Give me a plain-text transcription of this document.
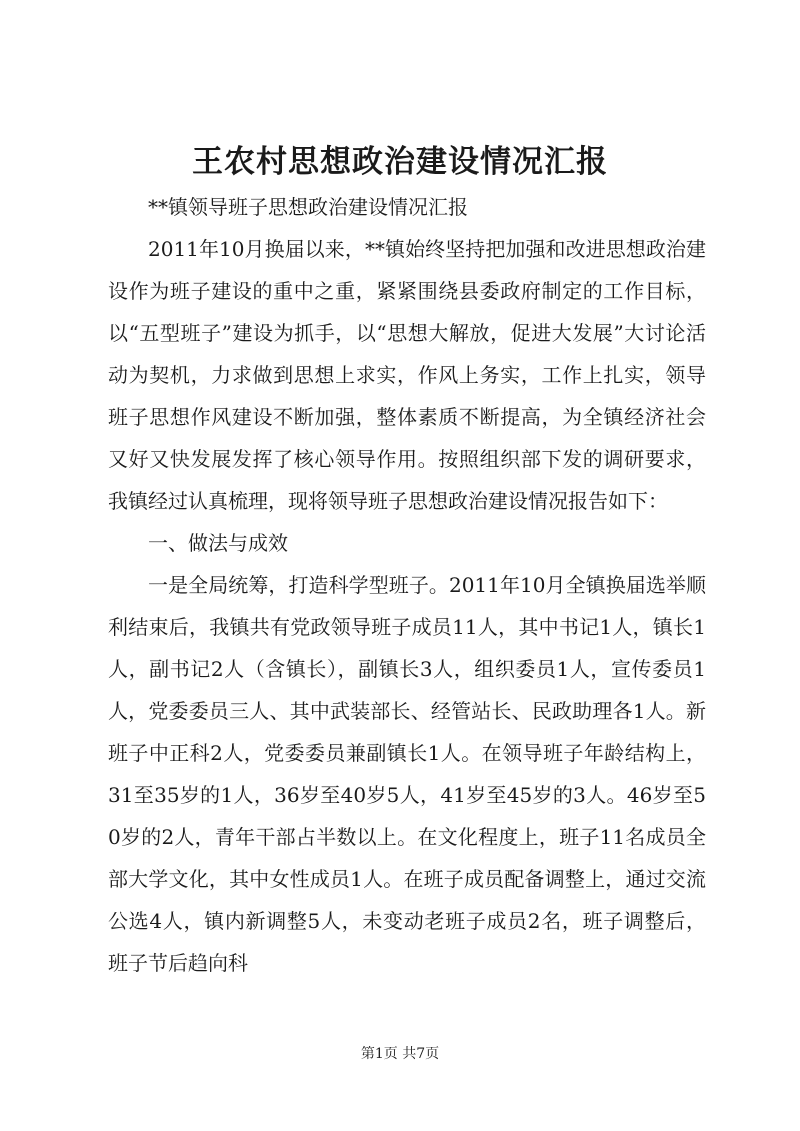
王农村思想政治建设情况汇报

**镇领导班子思想政治建设情况汇报

2011年10月换届以来，**镇始终坚持把加强和改进思想政治建设作为班子建设的重中之重，紧紧围绕县委政府制定的工作目标，以“五型班子”建设为抓手，以“思想大解放，促进大发展”大讨论活动为契机，力求做到思想上求实，作风上务实，工作上扎实，领导班子思想作风建设不断加强，整体素质不断提高，为全镇经济社会又好又快发展发挥了核心领导作用。按照组织部下发的调研要求，我镇经过认真梳理，现将领导班子思想政治建设情况报告如下：

一、做法与成效

一是全局统筹，打造科学型班子。2011年10月全镇换届选举顺利结束后，我镇共有党政领导班子成员11人，其中书记1人，镇长1人，副书记2人（含镇长），副镇长3人，组织委员1人，宣传委员1人，党委委员三人、其中武装部长、经管站长、民政助理各1人。新班子中正科2人，党委委员兼副镇长1人。在领导班子年龄结构上，31至35岁的1人，36岁至40岁5人，41岁至45岁的3人。46岁至50岁的2人，青年干部占半数以上。在文化程度上，班子11名成员全部大学文化，其中女性成员1人。在班子成员配备调整上，通过交流公选4人，镇内新调整5人，未变动老班子成员2名，班子调整后，班子节后趋向科

第1页 共7页
